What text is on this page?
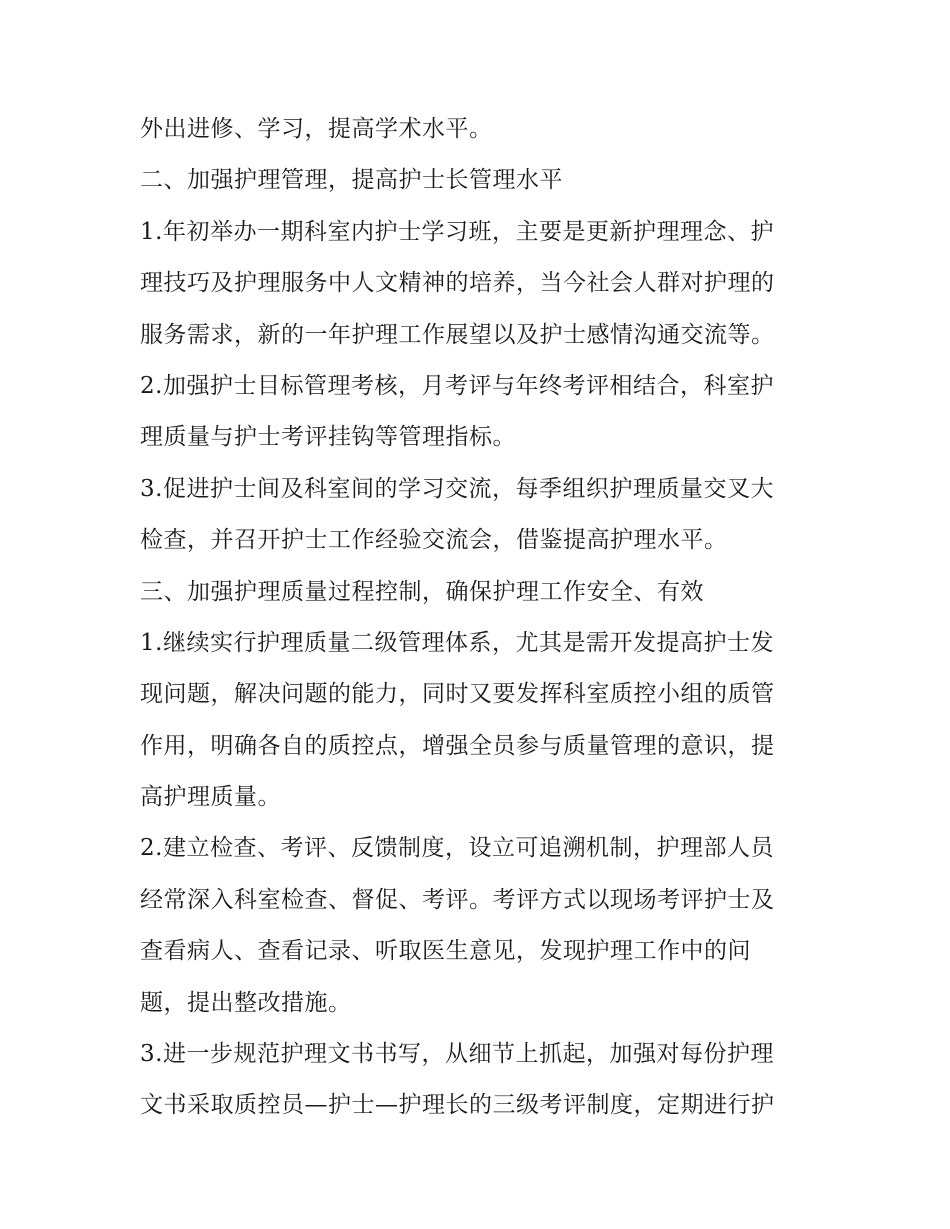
外出进修、学习，提高学术水平。
二、加强护理管理，提高护士长管理水平
1.年初举办一期科室内护士学习班，主要是更新护理理念、护
理技巧及护理服务中人文精神的培养，当今社会人群对护理的
服务需求，新的一年护理工作展望以及护士感情沟通交流等。
2.加强护士目标管理考核，月考评与年终考评相结合，科室护
理质量与护士考评挂钩等管理指标。
3.促进护士间及科室间的学习交流，每季组织护理质量交叉大
检查，并召开护士工作经验交流会，借鉴提高护理水平。
三、加强护理质量过程控制，确保护理工作安全、有效
1.继续实行护理质量二级管理体系，尤其是需开发提高护士发
现问题，解决问题的能力，同时又要发挥科室质控小组的质管
作用，明确各自的质控点，增强全员参与质量管理的意识，提
高护理质量。
2.建立检查、考评、反馈制度，设立可追溯机制，护理部人员
经常深入科室检查、督促、考评。考评方式以现场考评护士及
查看病人、查看记录、听取医生意见，发现护理工作中的问
题，提出整改措施。
3.进一步规范护理文书书写，从细节上抓起，加强对每份护理
文书采取质控员—护士—护理长的三级考评制度，定期进行护
